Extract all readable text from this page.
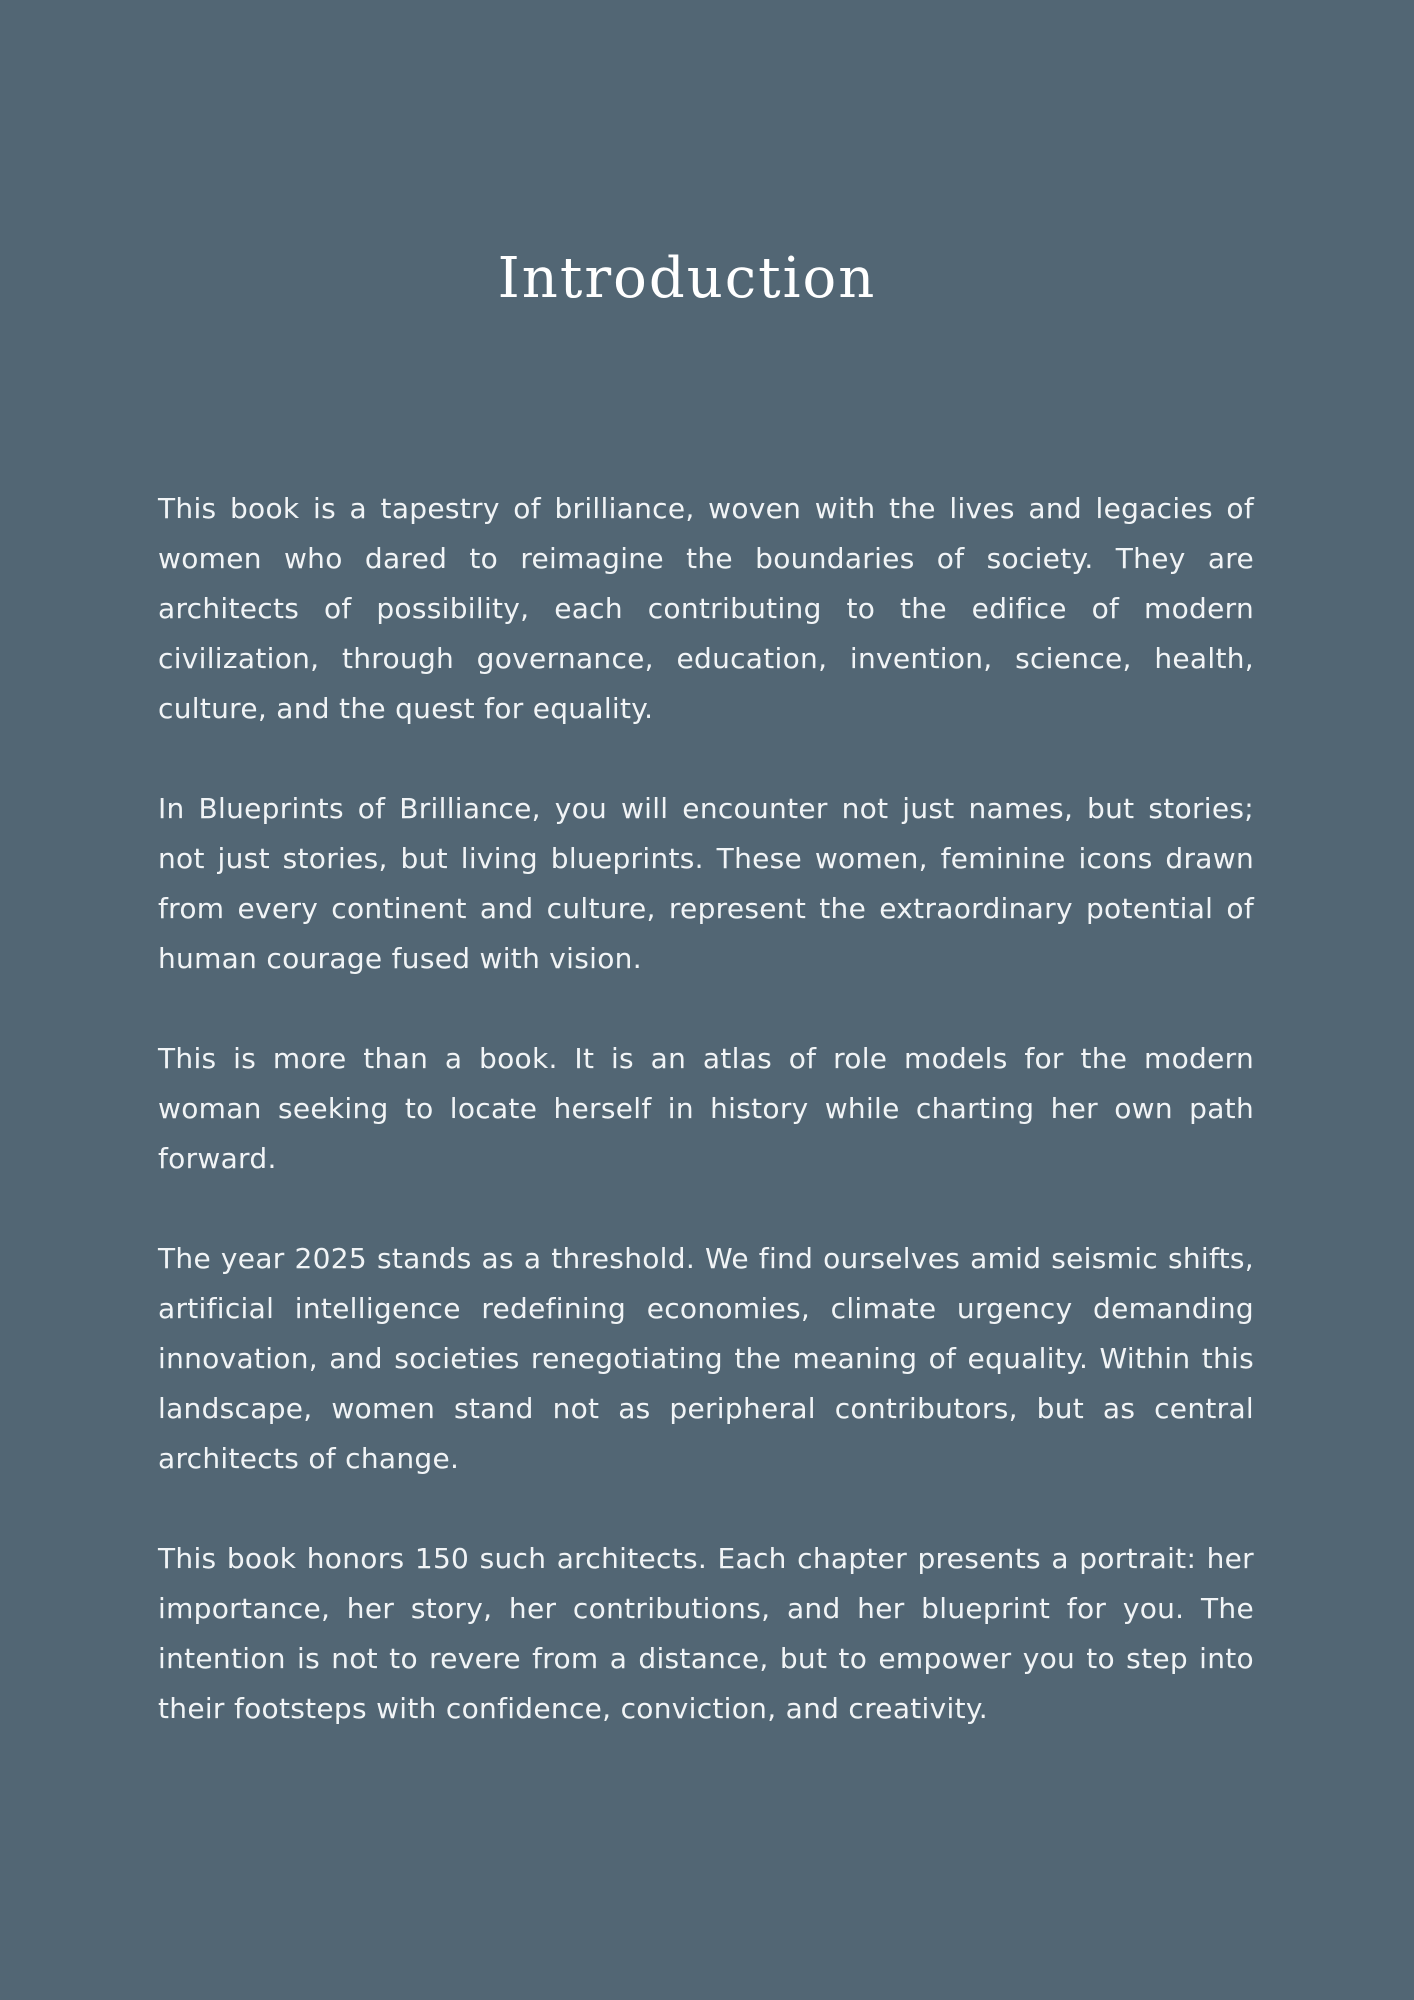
Introduction

This book is a tapestry of brilliance, woven with the lives and legacies of women who dared to reimagine the boundaries of society. They are architects of possibility, each contributing to the edifice of modern civilization, through governance, education, invention, science, health, culture, and the quest for equality.

In Blueprints of Brilliance, you will encounter not just names, but stories; not just stories, but living blueprints. These women, feminine icons drawn from every continent and culture, represent the extraordinary potential of human courage fused with vision.

This is more than a book. It is an atlas of role models for the modern woman seeking to locate herself in history while charting her own path forward.

The year 2025 stands as a threshold. We find ourselves amid seismic shifts, artificial intelligence redefining economies, climate urgency demanding innovation, and societies renegotiating the meaning of equality. Within this landscape, women stand not as peripheral contributors, but as central architects of change.

This book honors 150 such architects. Each chapter presents a portrait: her importance, her story, her contributions, and her blueprint for you. The intention is not to revere from a distance, but to empower you to step into their footsteps with confidence, conviction, and creativity.
